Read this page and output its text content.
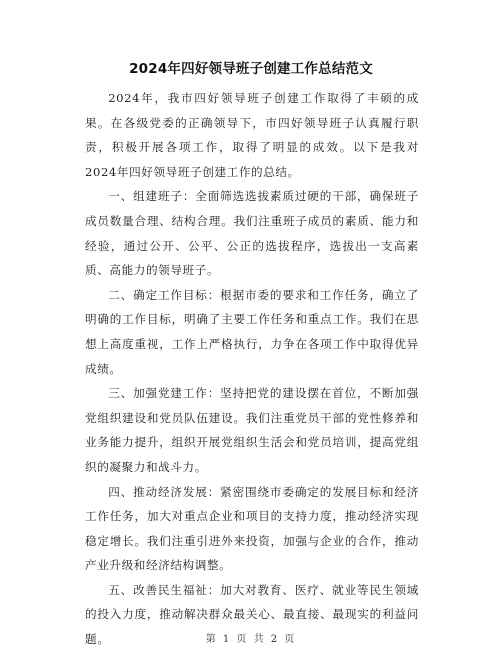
2024年四好领导班子创建工作总结范文

2024年，我市四好领导班子创建工作取得了丰硕的成果。在各级党委的正确领导下，市四好领导班子认真履行职责，积极开展各项工作，取得了明显的成效。以下是我对2024年四好领导班子创建工作的总结。

一、组建班子：全面筛选选拔素质过硬的干部，确保班子成员数量合理、结构合理。我们注重班子成员的素质、能力和经验，通过公开、公平、公正的选拔程序，选拔出一支高素质、高能力的领导班子。

二、确定工作目标：根据市委的要求和工作任务，确立了明确的工作目标，明确了主要工作任务和重点工作。我们在思想上高度重视，工作上严格执行，力争在各项工作中取得优异成绩。

三、加强党建工作：坚持把党的建设摆在首位，不断加强党组织建设和党员队伍建设。我们注重党员干部的党性修养和业务能力提升，组织开展党组织生活会和党员培训，提高党组织的凝聚力和战斗力。

四、推动经济发展：紧密围绕市委确定的发展目标和经济工作任务，加大对重点企业和项目的支持力度，推动经济实现稳定增长。我们注重引进外来投资，加强与企业的合作，推动产业升级和经济结构调整。

五、改善民生福祉：加大对教育、医疗、就业等民生领域的投入力度，推动解决群众最关心、最直接、最现实的利益问题。	第 1 页 共 2 页
